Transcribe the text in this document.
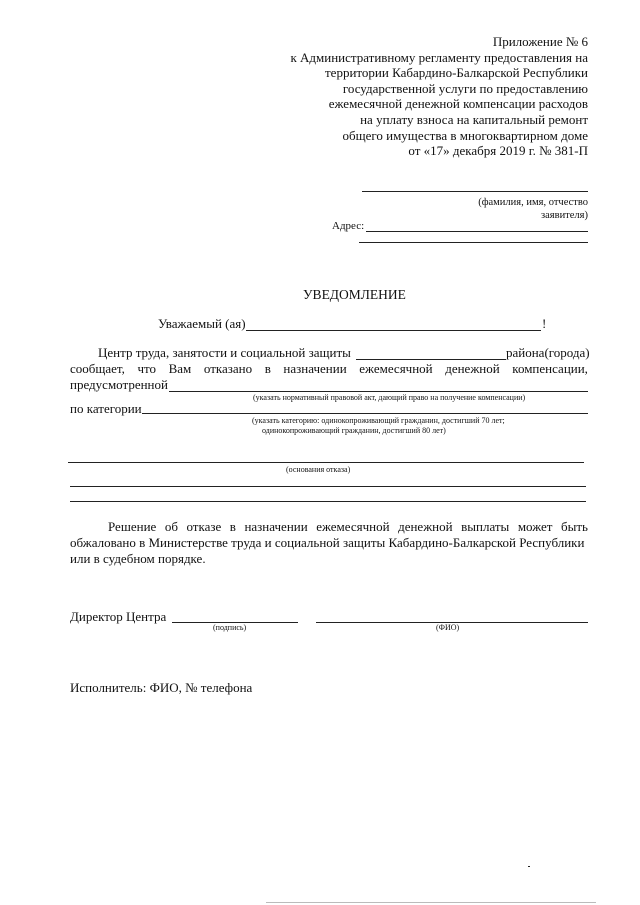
Приложение № 6
к Административному регламенту предоставления на
территории Кабардино-Балкарской Республики
государственной услуги по предоставлению
ежемесячной денежной компенсации расходов
на уплату взноса на капитальный ремонт
общего имущества в многоквартирном доме
от «17» декабря 2019 г. № 381-П
(фамилия, имя, отчество
заявителя)
Адрес:
УВЕДОМЛЕНИЕ
Уважаемый (ая)	!
Центр труда, занятости и социальной защиты	района(города)
сообщает, что Вам отказано в назначении ежемесячной денежной компенсации,
предусмотренной
(указать нормативный правовой акт, дающий право на получение компенсации)
по категории
(указать категорию: одинокопроживающий гражданин, достигший 70 лет;
одинокопроживающий гражданин, достигший 80 лет)
(основания отказа)
Решение об отказе в назначении ежемесячной денежной выплаты может быть
обжаловано в Министерстве труда и социальной защиты Кабардино-Балкарской Республики
или в судебном порядке.
Директор Центра
(подпись)	(ФИО)
Исполнитель: ФИО, № телефона
